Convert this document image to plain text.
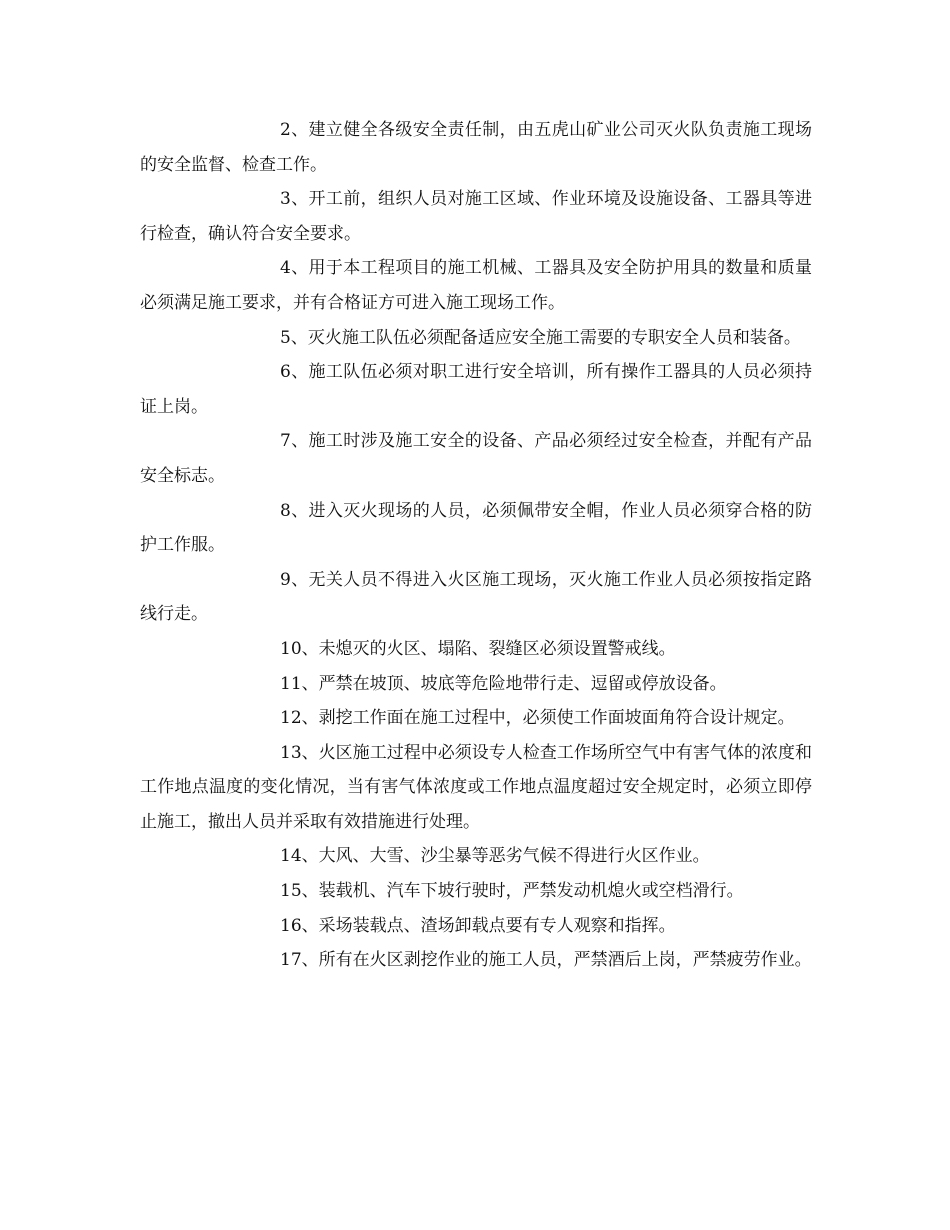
2、建立健全各级安全责任制，由五虎山矿业公司灭火队负责施工现场的安全监督、检查工作。

3、开工前，组织人员对施工区域、作业环境及设施设备、工器具等进行检查，确认符合安全要求。

4、用于本工程项目的施工机械、工器具及安全防护用具的数量和质量必须满足施工要求，并有合格证方可进入施工现场工作。

5、灭火施工队伍必须配备适应安全施工需要的专职安全人员和装备。

6、施工队伍必须对职工进行安全培训，所有操作工器具的人员必须持证上岗。

7、施工时涉及施工安全的设备、产品必须经过安全检查，并配有产品安全标志。

8、进入灭火现场的人员，必须佩带安全帽，作业人员必须穿合格的防护工作服。

9、无关人员不得进入火区施工现场，灭火施工作业人员必须按指定路线行走。

10、未熄灭的火区、塌陷、裂缝区必须设置警戒线。

11、严禁在坡顶、坡底等危险地带行走、逗留或停放设备。

12、剥挖工作面在施工过程中，必须使工作面坡面角符合设计规定。

13、火区施工过程中必须设专人检查工作场所空气中有害气体的浓度和工作地点温度的变化情况，当有害气体浓度或工作地点温度超过安全规定时，必须立即停止施工，撤出人员并采取有效措施进行处理。

14、大风、大雪、沙尘暴等恶劣气候不得进行火区作业。

15、装载机、汽车下坡行驶时，严禁发动机熄火或空档滑行。

16、采场装载点、渣场卸载点要有专人观察和指挥。

17、所有在火区剥挖作业的施工人员，严禁酒后上岗，严禁疲劳作业。
